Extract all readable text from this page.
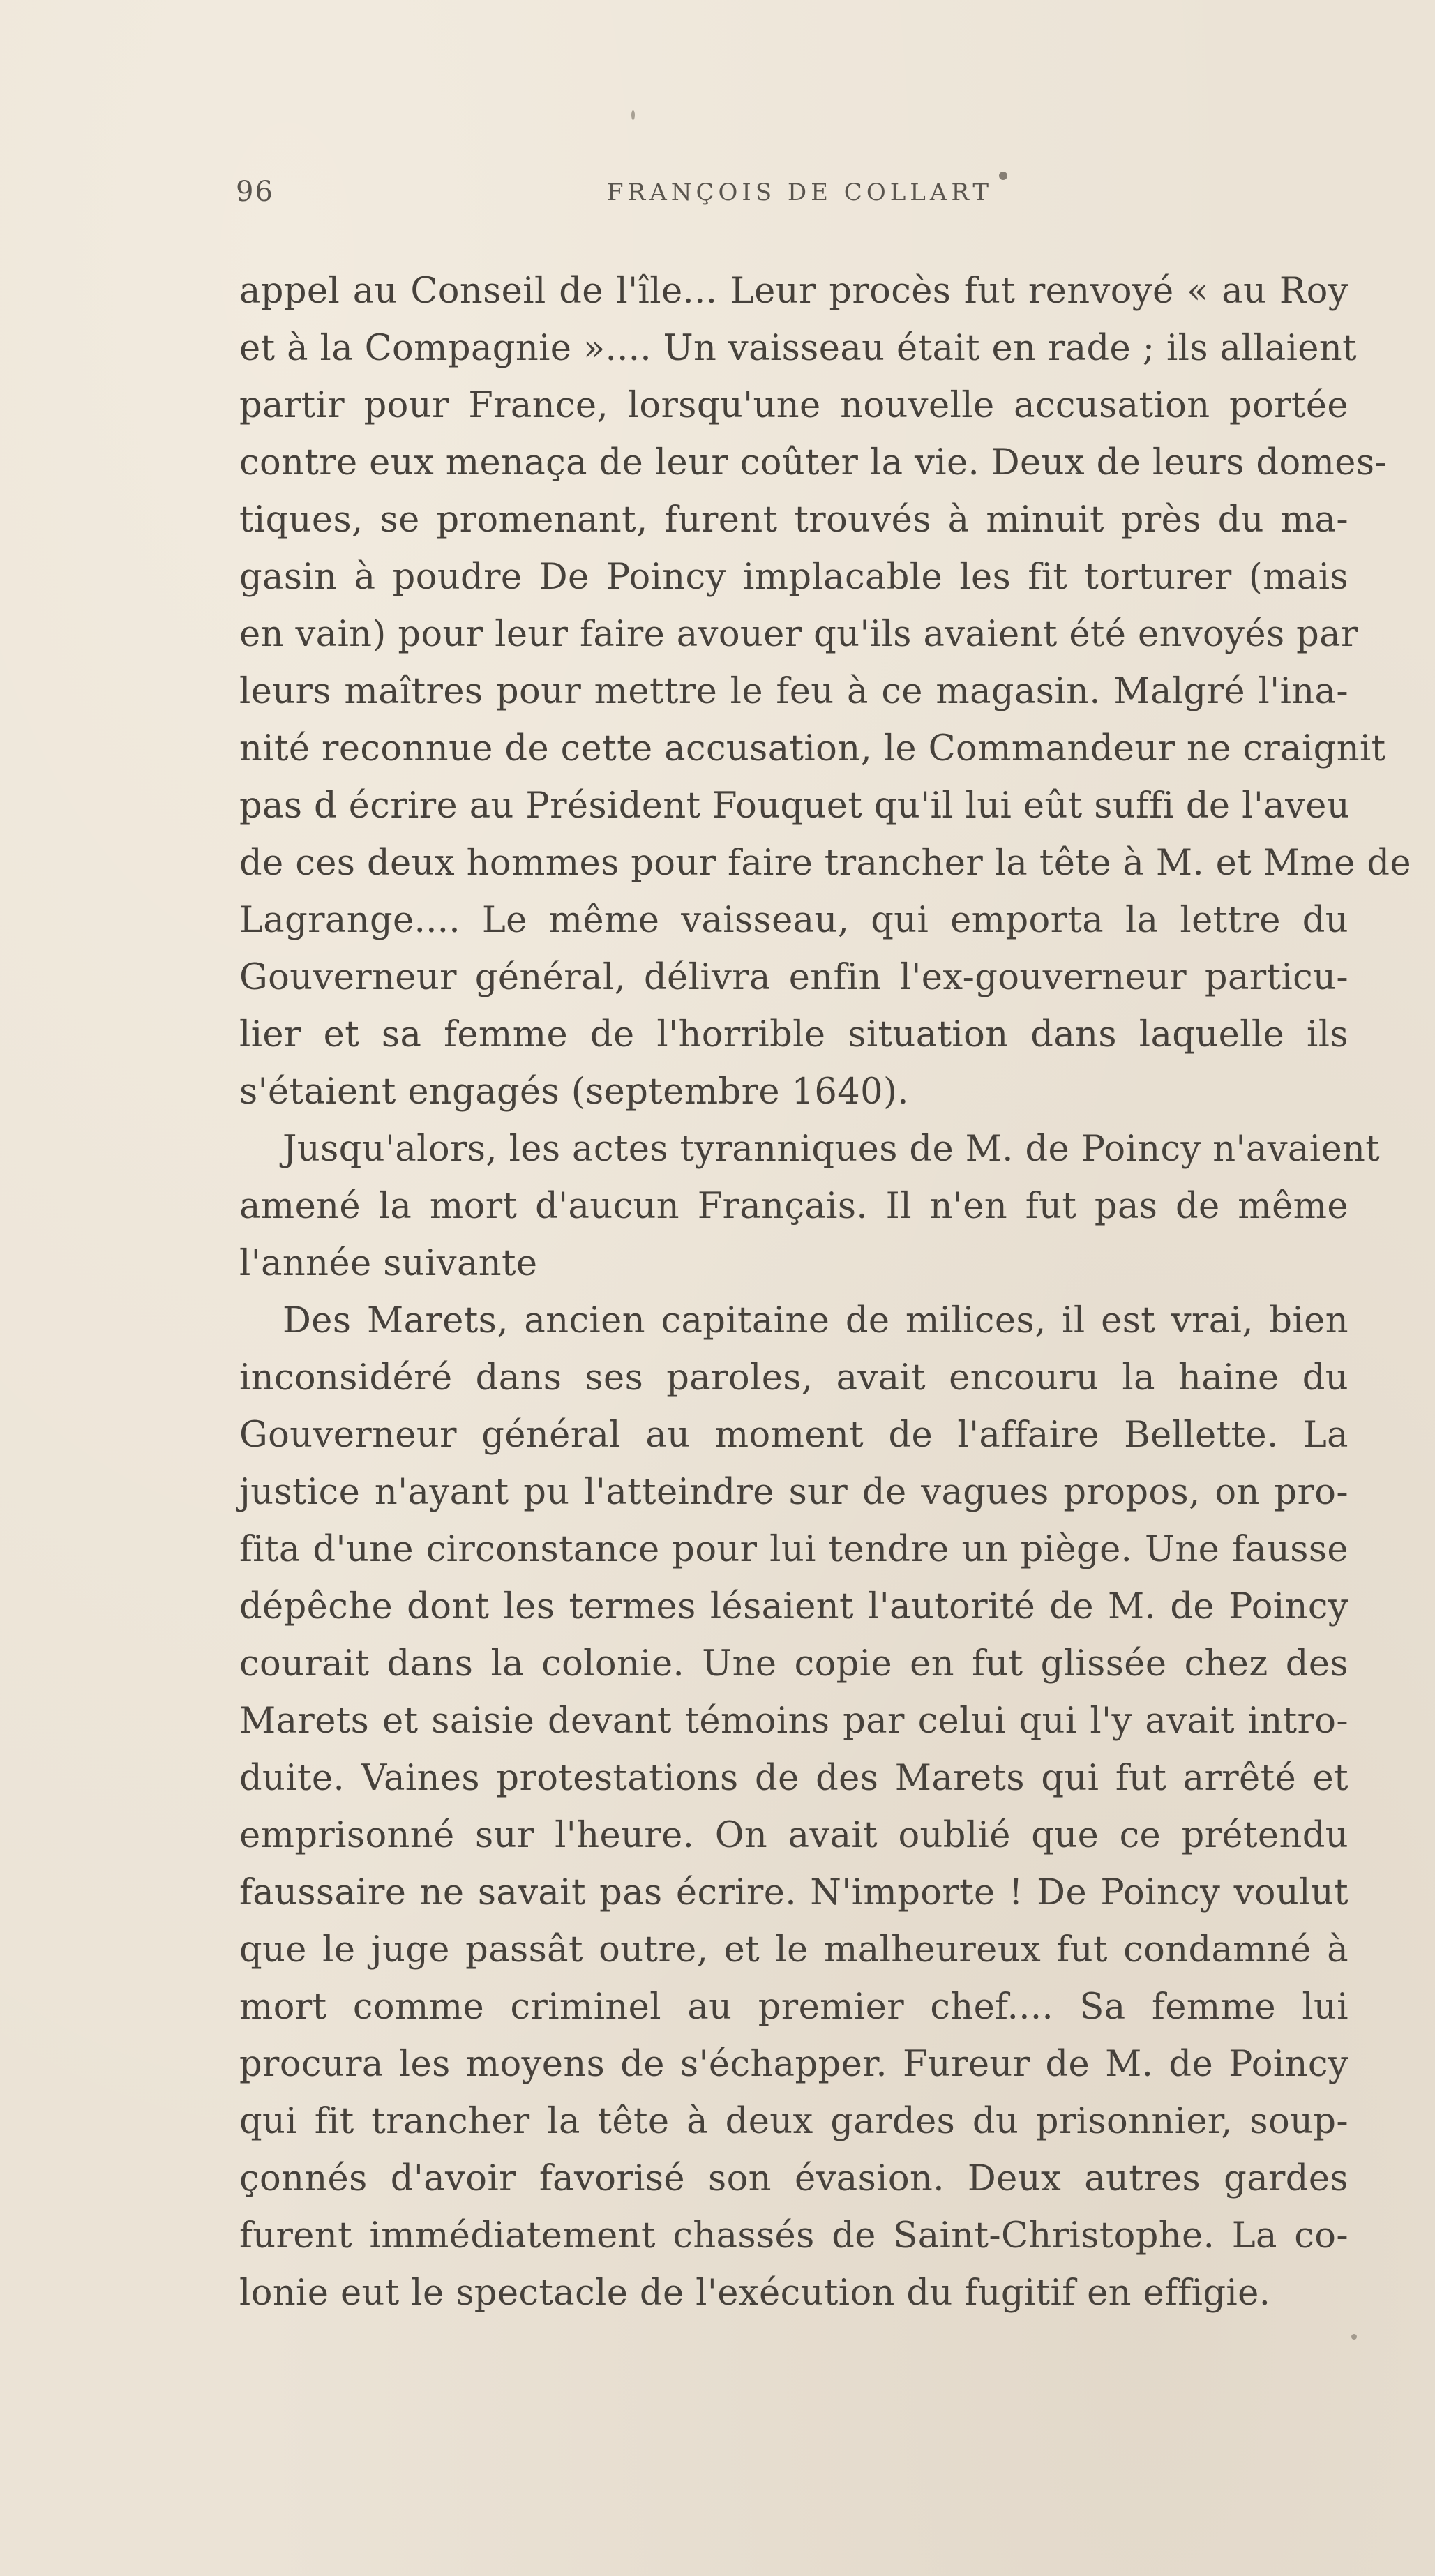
96	FRANÇOIS DE COLLART
appel au Conseil de l'île... Leur procès fut renvoyé « au Roy
et à la Compagnie ».... Un vaisseau était en rade ; ils allaient
partir pour France, lorsqu'une nouvelle accusation portée
contre eux menaça de leur coûter la vie. Deux de leurs domes-
tiques, se promenant, furent trouvés à minuit près du ma-
gasin à poudre De Poincy implacable les fit torturer (mais
en vain) pour leur faire avouer qu'ils avaient été envoyés par
leurs maîtres pour mettre le feu à ce magasin. Malgré l'ina-
nité reconnue de cette accusation, le Commandeur ne craignit
pas d écrire au Président Fouquet qu'il lui eût suffi de l'aveu
de ces deux hommes pour faire trancher la tête à M. et Mme de
Lagrange.... Le même vaisseau, qui emporta la lettre du
Gouverneur général, délivra enfin l'ex-gouverneur particu-
lier et sa femme de l'horrible situation dans laquelle ils
s'étaient engagés (septembre 1640).
Jusqu'alors, les actes tyranniques de M. de Poincy n'avaient
amené la mort d'aucun Français. Il n'en fut pas de même
l'année suivante
Des Marets, ancien capitaine de milices, il est vrai, bien
inconsidéré dans ses paroles, avait encouru la haine du
Gouverneur général au moment de l'affaire Bellette. La
justice n'ayant pu l'atteindre sur de vagues propos, on pro-
fita d'une circonstance pour lui tendre un piège. Une fausse
dépêche dont les termes lésaient l'autorité de M. de Poincy
courait dans la colonie. Une copie en fut glissée chez des
Marets et saisie devant témoins par celui qui l'y avait intro-
duite. Vaines protestations de des Marets qui fut arrêté et
emprisonné sur l'heure. On avait oublié que ce prétendu
faussaire ne savait pas écrire. N'importe ! De Poincy voulut
que le juge passât outre, et le malheureux fut condamné à
mort comme criminel au premier chef.... Sa femme lui
procura les moyens de s'échapper. Fureur de M. de Poincy
qui fit trancher la tête à deux gardes du prisonnier, soup-
çonnés d'avoir favorisé son évasion. Deux autres gardes
furent immédiatement chassés de Saint-Christophe. La co-
lonie eut le spectacle de l'exécution du fugitif en effigie.
